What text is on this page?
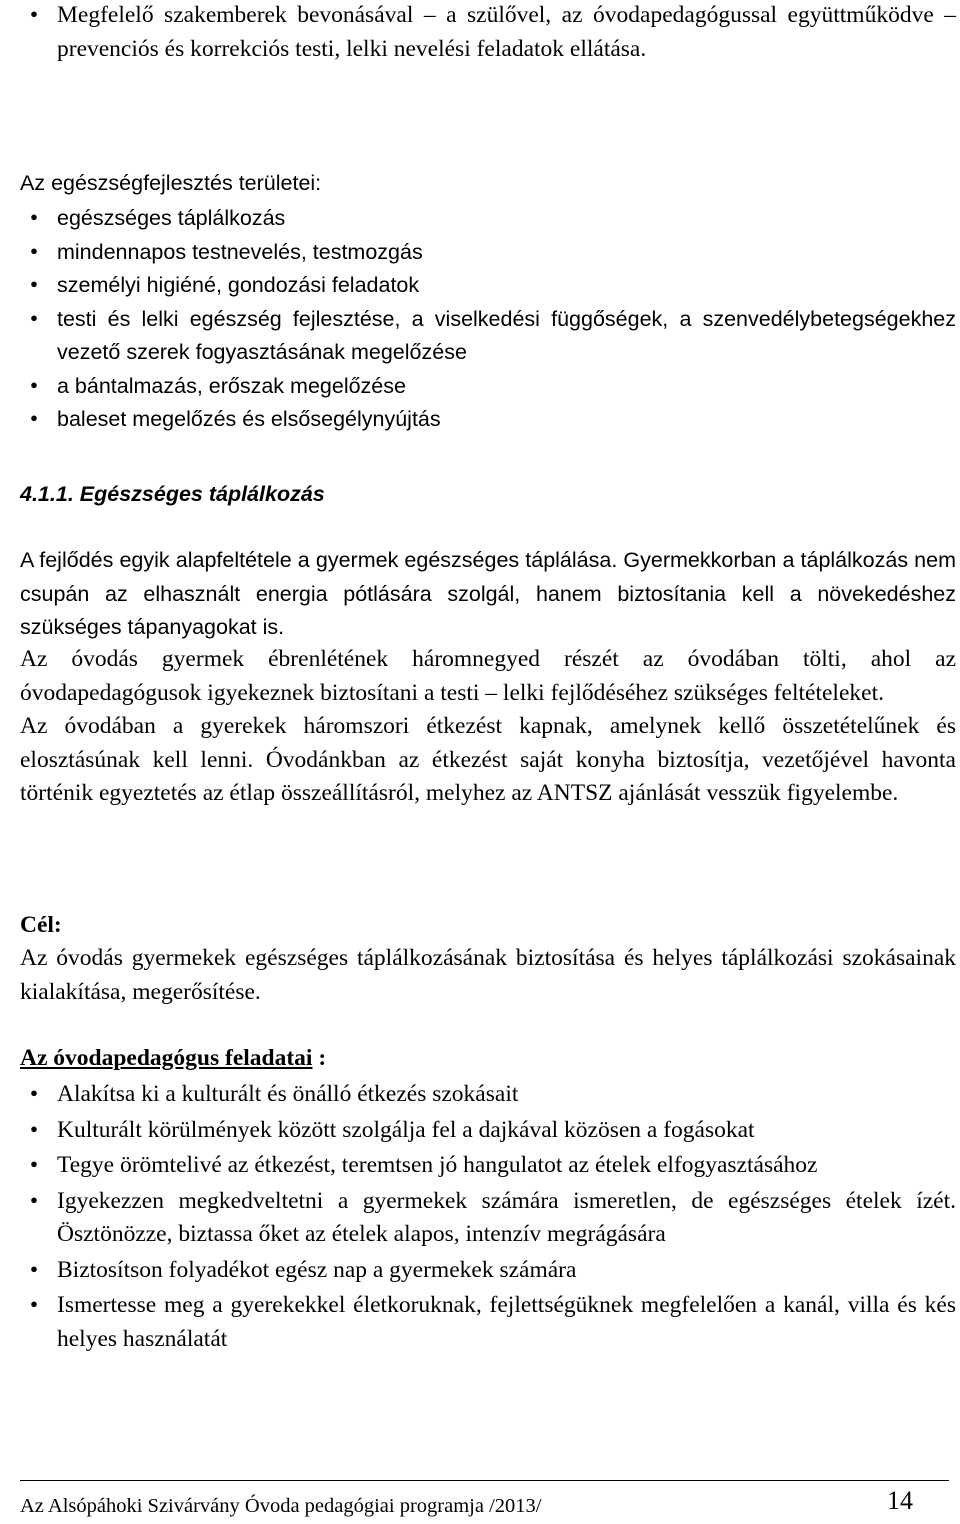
• Megfelelő szakemberek bevonásával – a szülővel, az óvodapedagógussal együttműködve – prevenciós és korrekciós testi, lelki nevelési feladatok ellátása.

Az egészségfejlesztés területei:

• egészséges táplálkozás
• mindennapos testnevelés, testmozgás
• személyi higiéné, gondozási feladatok
• testi és lelki egészség fejlesztése, a viselkedési függőségek, a szenvedélybetegségekhez vezető szerek fogyasztásának megelőzése
• a bántalmazás, erőszak megelőzése
• baleset megelőzés és elsősegélynyújtás

4.1.1. Egészséges táplálkozás

A fejlődés egyik alapfeltétele a gyermek egészséges táplálása. Gyermekkorban a táplálkozás nem csupán az elhasznált energia pótlására szolgál, hanem biztosítania kell a növekedéshez szükséges tápanyagokat is.

Az óvodás gyermek ébrenlétének háromnegyed részét az óvodában tölti, ahol az óvodapedagógusok igyekeznek biztosítani a testi – lelki fejlődéséhez szükséges feltételeket.

Az óvodában a gyerekek háromszori étkezést kapnak, amelynek kellő összetételűnek és elosztásúnak kell lenni. Óvodánkban az étkezést saját konyha biztosítja, vezetőjével havonta történik egyeztetés az étlap összeállításról, melyhez az ANTSZ ajánlását vesszük figyelembe.

Cél:

Az óvodás gyermekek egészséges táplálkozásának biztosítása és helyes táplálkozási szokásainak kialakítása, megerősítése.

Az óvodapedagógus feladatai :

• Alakítsa ki a kulturált és önálló étkezés szokásait
• Kulturált körülmények között szolgálja fel a dajkával közösen a fogásokat
• Tegye örömtelivé az étkezést, teremtsen jó hangulatot az ételek elfogyasztásához
• Igyekezzen megkedveltetni a gyermekek számára ismeretlen, de egészséges ételek ízét. Ösztönözze, biztassa őket az ételek alapos, intenzív megrágására
• Biztosítson folyadékot egész nap a gyermekek számára
• Ismertesse meg a gyerekekkel életkoruknak, fejlettségüknek megfelelően a kanál, villa és kés helyes használatát

Az Alsópáhoki Szivárvány Óvoda pedagógiai programja /2013/	14
